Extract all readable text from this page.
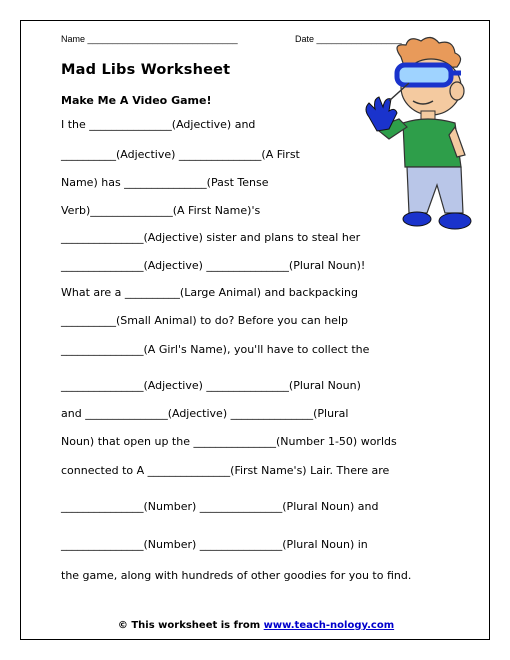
Name ______________________________	Date _________________
Mad Libs Worksheet
Make Me A Video Game!
I the _______________(Adjective) and
__________(Adjective) _______________(A First
Name) has _______________(Past Tense
Verb)_______________(A First Name)'s
_______________(Adjective) sister and plans to steal her
_______________(Adjective) _______________(Plural Noun)!
What are a __________(Large Animal) and backpacking
__________(Small Animal) to do? Before you can help
_______________(A Girl's Name), you'll have to collect the
_______________(Adjective) _______________(Plural Noun)
and _______________(Adjective) _______________(Plural
Noun) that open up the _______________(Number 1-50) worlds
connected to A _______________(First Name's) Lair. There are
_______________(Number) _______________(Plural Noun) and
_______________(Number) _______________(Plural Noun) in
the game, along with hundreds of other goodies for you to find.
© This worksheet is from www.teach-nology.com
